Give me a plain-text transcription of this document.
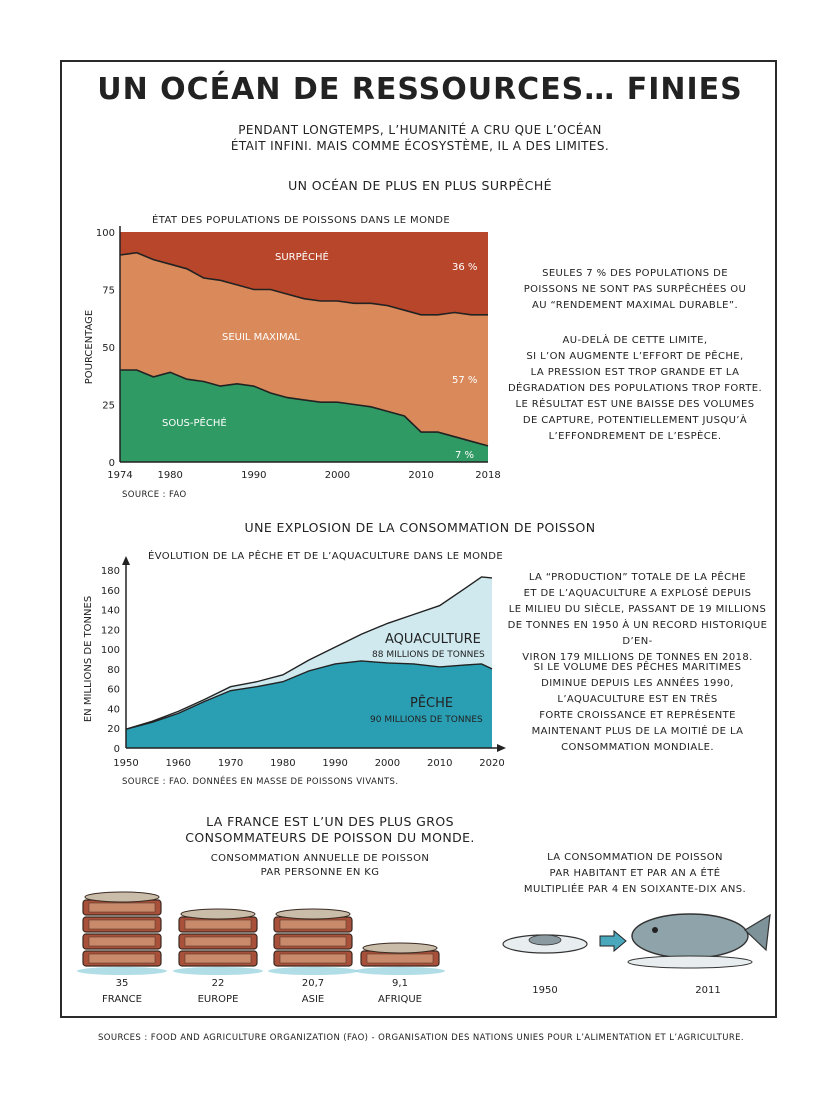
UN OCÉAN DE RESSOURCES… FINIES
PENDANT LONGTEMPS, L’HUMANITÉ A CRU QUE L’OCÉAN
ÉTAIT INFINI. MAIS COMME ÉCOSYSTÈME, IL A DES LIMITES.
UN OCÉAN DE PLUS EN PLUS SURPÊCHÉ
ÉTAT DES POPULATIONS DE POISSONS DANS LE MONDE
0
25
50
75
100
1974 1980	1990	2000	2010	2018
POURCENTAGE
0
20
40
60
80
100
120
140
160
180
1950	1960	1970	1980	1990	2000	2010	2020
EN MILLIONS DE TONNES
SURPÊCHÉ
SEUIL MAXIMAL
SOUS-PÊCHÉ
36 %
57 %
7 %
SOURCE : FAO
SEULES 7 % DES POPULATIONS DE
POISSONS NE SONT PAS SURPÊCHÉES OU
AU “RENDEMENT MAXIMAL DURABLE”.
AU-DELÀ DE CETTE LIMITE,
SI L’ON AUGMENTE L’EFFORT DE PÊCHE,
LA PRESSION EST TROP GRANDE ET LA
DÉGRADATION DES POPULATIONS TROP FORTE.
LE RÉSULTAT EST UNE BAISSE DES VOLUMES
DE CAPTURE, POTENTIELLEMENT JUSQU’À
L’EFFONDREMENT DE L’ESPÈCE.
UNE EXPLOSION DE LA CONSOMMATION DE POISSON
ÉVOLUTION DE LA PÊCHE ET DE L’AQUACULTURE DANS LE MONDE
AQUACULTURE
88 MILLIONS DE TONNES
PÊCHE
90 MILLIONS DE TONNES
SOURCE : FAO. DONNÉES EN MASSE DE POISSONS VIVANTS.
LA “PRODUCTION” TOTALE DE LA PÊCHE
ET DE L’AQUACULTURE A EXPLOSÉ DEPUIS
LE MILIEU DU SIÈCLE, PASSANT DE 19 MILLIONS
DE TONNES EN 1950 À UN RECORD HISTORIQUE D’EN-
VIRON 179 MILLIONS DE TONNES EN 2018.
SI LE VOLUME DES PÊCHES MARITIMES
DIMINUE DEPUIS LES ANNÉES 1990,
L’AQUACULTURE EST EN TRÈS
FORTE CROISSANCE ET REPRÉSENTE
MAINTENANT PLUS DE LA MOITIÉ DE LA
CONSOMMATION MONDIALE.
LA FRANCE EST L’UN DES PLUS GROS
CONSOMMATEURS DE POISSON DU MONDE.
CONSOMMATION ANNUELLE DE POISSON
PAR PERSONNE EN KG
LA CONSOMMATION DE POISSON
PAR HABITANT ET PAR AN A ÉTÉ
MULTIPLIÉE PAR 4 EN SOIXANTE-DIX ANS.
35
FRANCE
22
EUROPE
20,7
ASIE
9,1
AFRIQUE
1950	2011
SOURCES : FOOD AND AGRICULTURE ORGANIZATION (FAO) - ORGANISATION DES NATIONS UNIES POUR L’ALIMENTATION ET L’AGRICULTURE.
